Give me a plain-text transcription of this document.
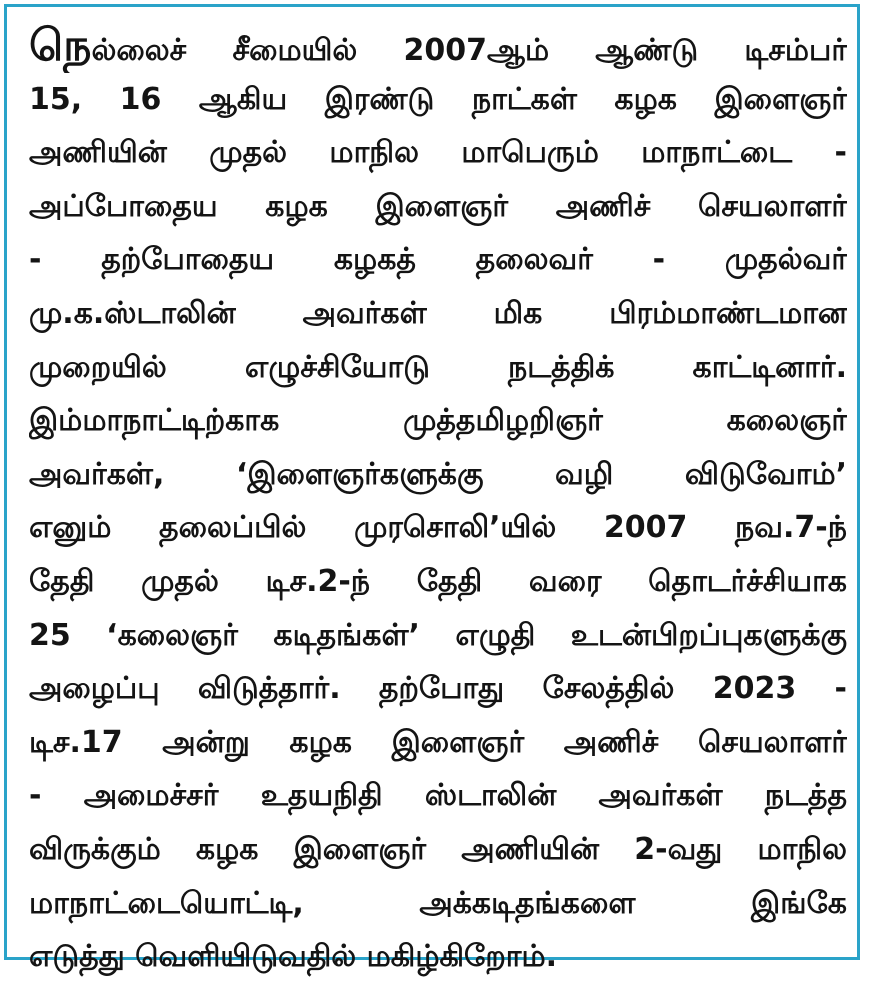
நெல்லைச் சீமையில் 2007ஆம் ஆண்டு டிசம்பர்
15, 16 ஆகிய இரண்டு நாட்கள் கழக இளைஞர்
அணியின் முதல் மாநில மாபெரும் மாநாட்டை -
அப்போதைய கழக இளைஞர் அணிச் செயலாளர்
- தற்போதைய கழகத் தலைவர் - முதல்வர்
மு.க.ஸ்டாலின் அவர்கள் மிக பிரம்மாண்டமான
முறையில் எழுச்சியோடு நடத்திக் காட்டினார்.
இம்மாநாட்டிற்காக முத்தமிழறிஞர் கலைஞர்
அவர்கள், ‘இளைஞர்களுக்கு வழி விடுவோம்’
எனும் தலைப்பில் முரசொலி’யில் 2007 நவ.7-ந்
தேதி முதல் டிச.2-ந் தேதி வரை தொடர்ச்சியாக
25 ‘கலைஞர் கடிதங்கள்’ எழுதி உடன்பிறப்புகளுக்கு
அழைப்பு விடுத்தார். தற்போது சேலத்தில் 2023 -
டிச.17 அன்று கழக இளைஞர் அணிச் செயலாளர்
- அமைச்சர் உதயநிதி ஸ்டாலின் அவர்கள் நடத்த
விருக்கும் கழக இளைஞர் அணியின் 2-வது மாநில
மாநாட்டையொட்டி, அக்கடிதங்களை இங்கே
எடுத்து வெளியிடுவதில் மகிழ்கிறோம்.
